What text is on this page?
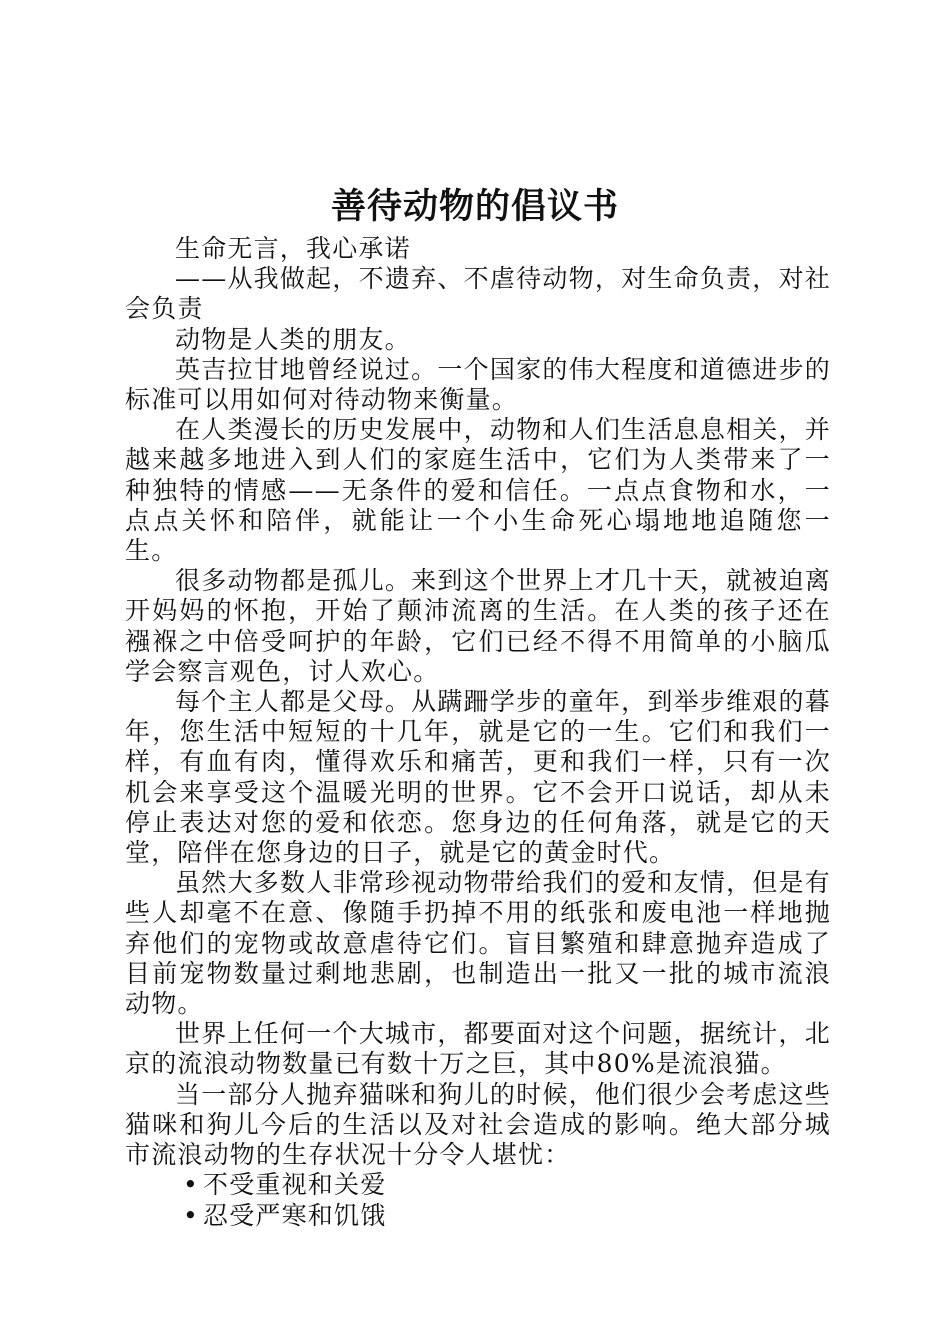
善待动物的倡议书

生命无言，我心承诺

——从我做起，不遗弃、不虐待动物，对生命负责，对社会负责

动物是人类的朋友。

英吉拉甘地曾经说过。一个国家的伟大程度和道德进步的标准可以用如何对待动物来衡量。

在人类漫长的历史发展中，动物和人们生活息息相关，并越来越多地进入到人们的家庭生活中，它们为人类带来了一种独特的情感——无条件的爱和信任。一点点食物和水，一点点关怀和陪伴，就能让一个小生命死心塌地地追随您一生。

很多动物都是孤儿。来到这个世界上才几十天，就被迫离开妈妈的怀抱，开始了颠沛流离的生活。在人类的孩子还在襁褓之中倍受呵护的年龄，它们已经不得不用简单的小脑瓜学会察言观色，讨人欢心。

每个主人都是父母。从蹒跚学步的童年，到举步维艰的暮年，您生活中短短的十几年，就是它的一生。它们和我们一样，有血有肉，懂得欢乐和痛苦，更和我们一样，只有一次机会来享受这个温暖光明的世界。它不会开口说话，却从未停止表达对您的爱和依恋。您身边的任何角落，就是它的天堂，陪伴在您身边的日子，就是它的黄金时代。

虽然大多数人非常珍视动物带给我们的爱和友情，但是有些人却毫不在意、像随手扔掉不用的纸张和废电池一样地抛弃他们的宠物或故意虐待它们。盲目繁殖和肆意抛弃造成了目前宠物数量过剩地悲剧，也制造出一批又一批的城市流浪动物。

世界上任何一个大城市，都要面对这个问题，据统计，北京的流浪动物数量已有数十万之巨，其中80%是流浪猫。

当一部分人抛弃猫咪和狗儿的时候，他们很少会考虑这些猫咪和狗儿今后的生活以及对社会造成的影响。绝大部分城市流浪动物的生存状况十分令人堪忧：

• 不受重视和关爱
• 忍受严寒和饥饿
